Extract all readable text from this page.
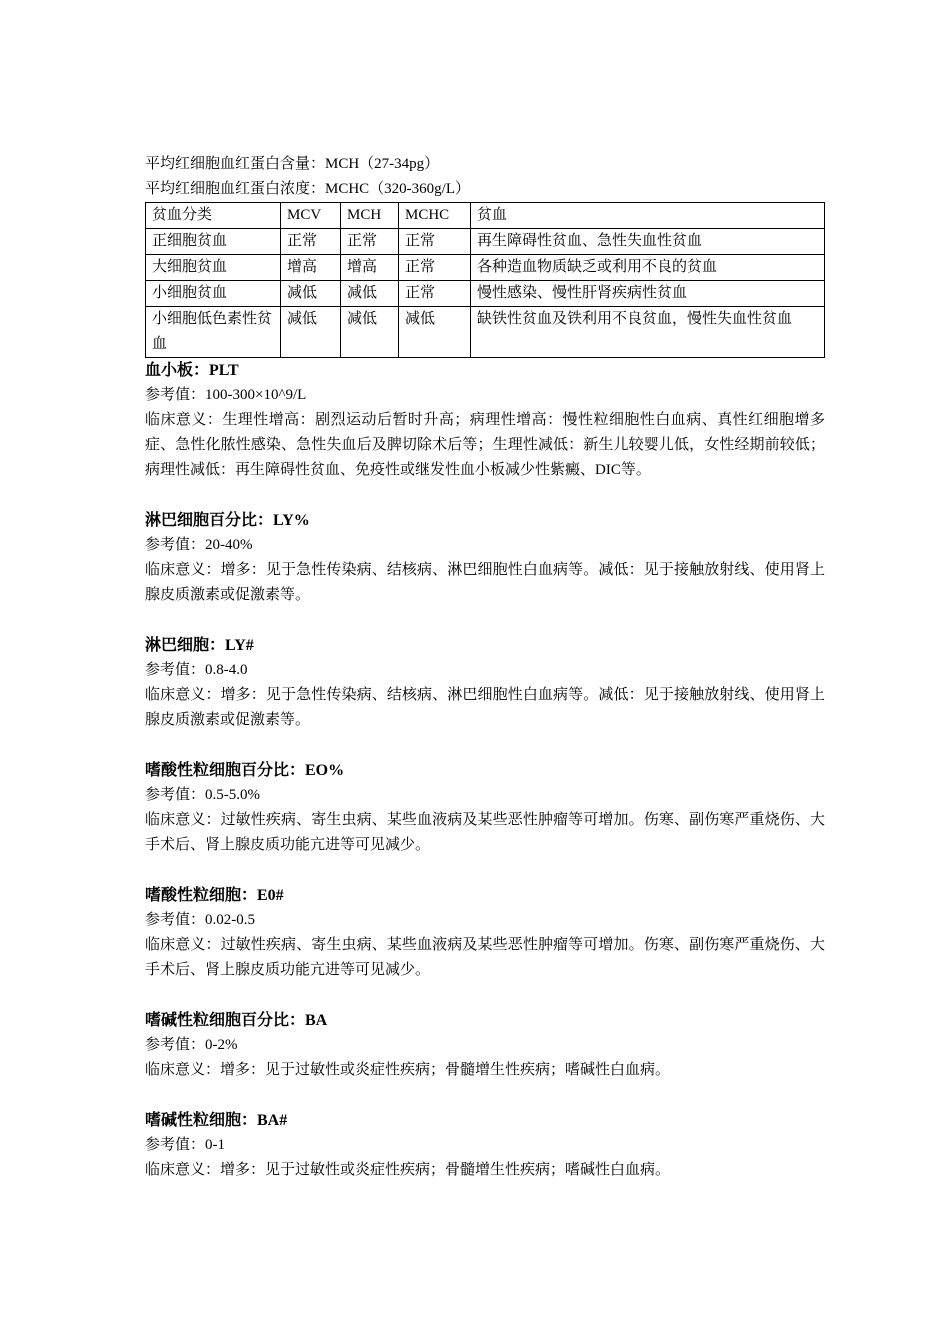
平均红细胞血红蛋白含量：MCH（27-34pg）
平均红细胞血红蛋白浓度：MCHC（320-360g/L）
贫血分类	MCV	MCH	MCHC	贫血
正细胞贫血	正常	正常	正常	再生障碍性贫血、急性失血性贫血
大细胞贫血	增高	增高	正常	各种造血物质缺乏或利用不良的贫血
小细胞贫血	减低	减低	正常	慢性感染、慢性肝肾疾病性贫血
小细胞低色素性贫血	减低	减低	减低	缺铁性贫血及铁利用不良贫血，慢性失血性贫血
血小板：PLT
参考值：100-300×10^9/L
临床意义：生理性增高：剧烈运动后暂时升高；病理性增高：慢性粒细胞性白血病、真性红细胞增多症、急性化脓性感染、急性失血后及脾切除术后等；生理性减低：新生儿较婴儿低，女性经期前较低；病理性减低：再生障碍性贫血、免疫性或继发性血小板减少性紫癜、DIC等。
淋巴细胞百分比：LY%
参考值：20-40%
临床意义：增多：见于急性传染病、结核病、淋巴细胞性白血病等。减低：见于接触放射线、使用肾上腺皮质激素或促激素等。
淋巴细胞：LY#
参考值：0.8-4.0
临床意义：增多：见于急性传染病、结核病、淋巴细胞性白血病等。减低：见于接触放射线、使用肾上腺皮质激素或促激素等。
嗜酸性粒细胞百分比：EO%
参考值：0.5-5.0%
临床意义：过敏性疾病、寄生虫病、某些血液病及某些恶性肿瘤等可增加。伤寒、副伤寒严重烧伤、大手术后、肾上腺皮质功能亢进等可见减少。
嗜酸性粒细胞：E0#
参考值：0.02-0.5
临床意义：过敏性疾病、寄生虫病、某些血液病及某些恶性肿瘤等可增加。伤寒、副伤寒严重烧伤、大手术后、肾上腺皮质功能亢进等可见减少。
嗜碱性粒细胞百分比：BA
参考值：0-2%
临床意义：增多：见于过敏性或炎症性疾病；骨髓增生性疾病；嗜碱性白血病。
嗜碱性粒细胞：BA#
参考值：0-1
临床意义：增多：见于过敏性或炎症性疾病；骨髓增生性疾病；嗜碱性白血病。
